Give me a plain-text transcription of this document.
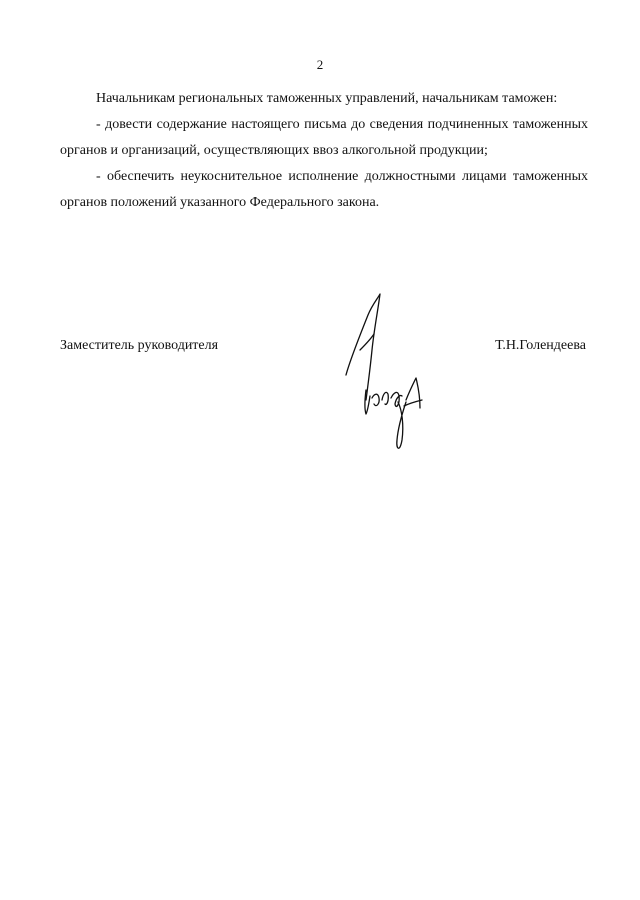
2

Начальникам региональных таможенных управлений, начальникам таможен:

- довести содержание настоящего письма до сведения подчиненных таможенных органов и организаций, осуществляющих ввоз алкогольной продукции;

- обеспечить неукоснительное исполнение должностными лицами таможенных органов положений указанного Федерального закона.

Заместитель руководителя	Т.Н.Голендеева
